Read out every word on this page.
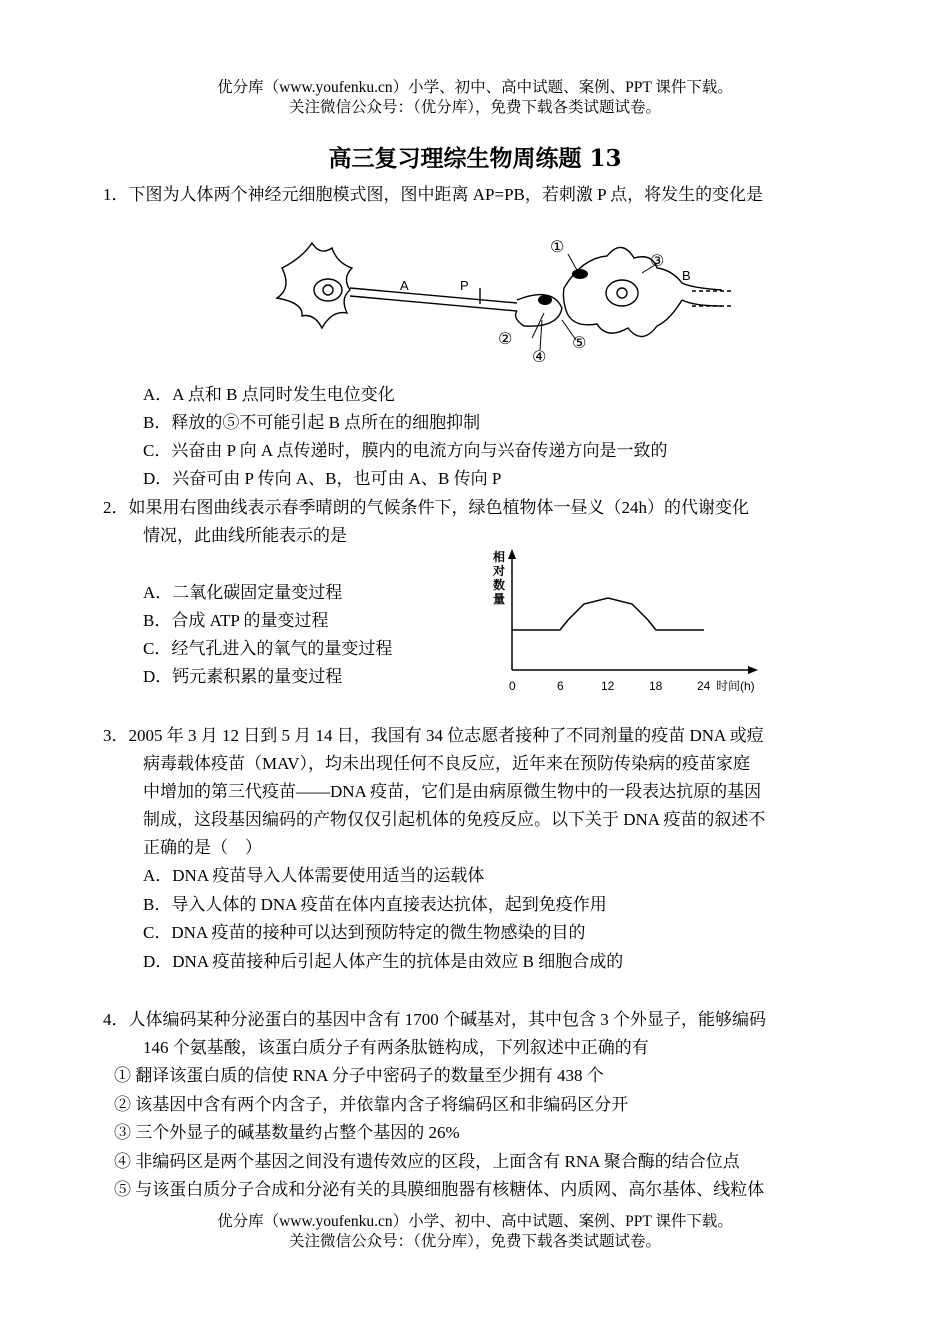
优分库（www.youfenku.cn）小学、初中、高中试题、案例、PPT 课件下载。
关注微信公众号：（优分库），免费下载各类试题试卷。
高三复习理综生物周练题 13
1．下图为人体两个神经元细胞模式图，图中距离 AP=PB，若刺激 P 点，将发生的变化是
A	P
B
①
③
②
④
⑤
A．A 点和 B 点同时发生电位变化
B．释放的⑤不可能引起 B 点所在的细胞抑制
C．兴奋由 P 向 A 点传递时，膜内的电流方向与兴奋传递方向是一致的
D．兴奋可由 P 传向 A、B，也可由 A、B 传向 P
2．如果用右图曲线表示春季晴朗的气候条件下，绿色植物体一昼义（24h）的代谢变化
情况，此曲线所能表示的是
A．二氧化碳固定量变过程
B．合成 ATP 的量变过程
C．经气孔进入的氧气的量变过程
D．钙元素积累的量变过程
相
对
数
量
0	6	12	18	24 时间(h)
3．2005 年 3 月 12 日到 5 月 14 日，我国有 34 位志愿者接种了不同剂量的疫苗 DNA 或痘
病毒载体疫苗（MAV），均未出现任何不良反应，近年来在预防传染病的疫苗家庭
中增加的第三代疫苗——DNA 疫苗，它们是由病原微生物中的一段表达抗原的基因
制成，这段基因编码的产物仅仅引起机体的免疫反应。以下关于 DNA 疫苗的叙述不
正确的是（　）
A．DNA 疫苗导入人体需要使用适当的运载体
B．导入人体的 DNA 疫苗在体内直接表达抗体，起到免疫作用
C．DNA 疫苗的接种可以达到预防特定的微生物感染的目的
D．DNA 疫苗接种后引起人体产生的抗体是由效应 B 细胞合成的
4．人体编码某种分泌蛋白的基因中含有 1700 个碱基对，其中包含 3 个外显子，能够编码
146 个氨基酸，该蛋白质分子有两条肽链构成，下列叙述中正确的有
① 翻译该蛋白质的信使 RNA 分子中密码子的数量至少拥有 438 个
② 该基因中含有两个内含子，并依靠内含子将编码区和非编码区分开
③ 三个外显子的碱基数量约占整个基因的 26%
④ 非编码区是两个基因之间没有遗传效应的区段，上面含有 RNA 聚合酶的结合位点
⑤ 与该蛋白质分子合成和分泌有关的具膜细胞器有核糖体、内质网、高尔基体、线粒体
优分库（www.youfenku.cn）小学、初中、高中试题、案例、PPT 课件下载。
关注微信公众号：（优分库），免费下载各类试题试卷。
